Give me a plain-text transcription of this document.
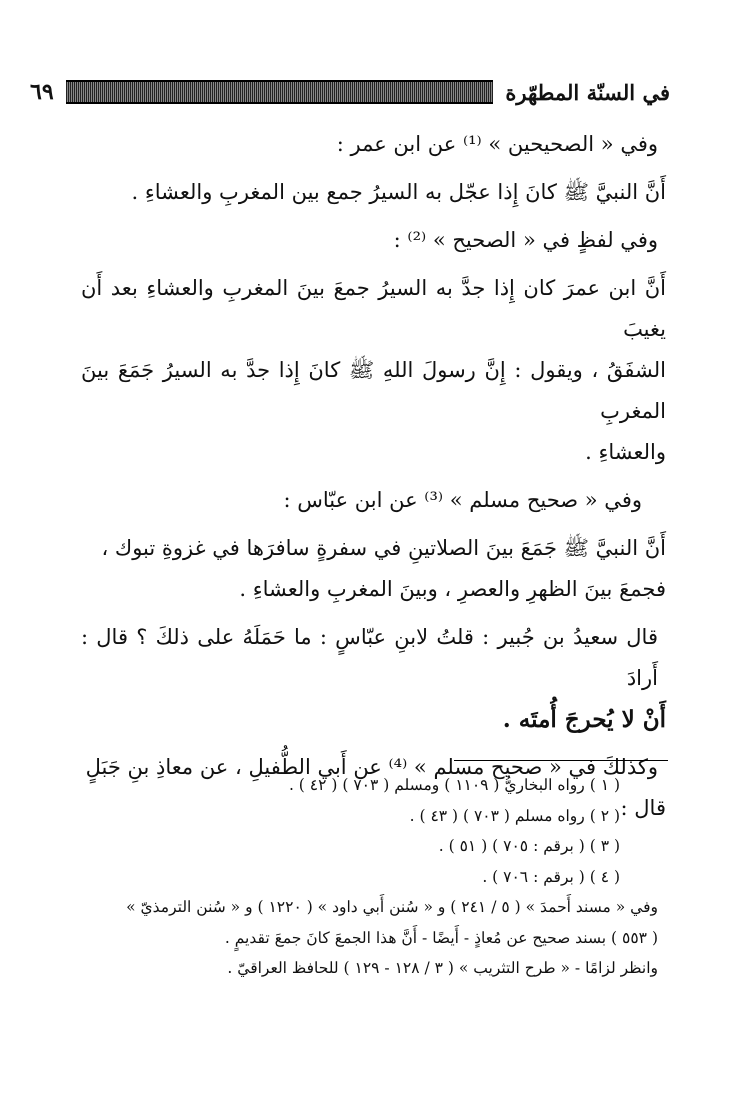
في السنّة المطهّرة
٦٩

وفي « الصحيحين » ⁽¹⁾ عن ابن عمر :

أَنَّ النبيَّ ﷺ كانَ إِذا عجّل به السيرُ جمع بين المغربِ والعشاءِ .

وفي لفظٍ في « الصحيح » ⁽²⁾ :

أَنَّ ابن عمرَ كان إِذا جدَّ به السيرُ جمعَ بينَ المغربِ والعشاءِ بعد أَن يغيبَ

الشفَقُ ، ويقول : إِنَّ رسولَ اللهِ ﷺ كانَ إِذا جدَّ به السيرُ جَمَعَ بينَ المغربِ

والعشاءِ .

وفي « صحيح مسلم » ⁽³⁾ عن ابن عبّاس :

أَنَّ النبيَّ ﷺ جَمَعَ بينَ الصلاتينِ في سفرةٍ سافرَها في غزوةِ تبوك ،

فجمعَ بينَ الظهرِ والعصرِ ، وبينَ المغربِ والعشاءِ .

قال سعيدُ بن جُبير : قلتُ لابنِ عبّاسٍ : ما حَمَلَهُ على ذلكَ ؟ قال : أَرادَ

أَنْ لا يُحرجَ أُمتَه .

وكذلكَ في « صحيح مسلم » ⁽⁴⁾ عن أَبي الطُّفيلِ ، عن معاذِ بنِ جَبَلٍ

قال :

( ١ ) رواه البخاريُّ ( ١١٠٩ ) ومسلم ( ٧٠٣ ) ( ٤٢ ) .

( ٢ ) رواه مسلم ( ٧٠٣ ) ( ٤٣ ) .

( ٣ ) ( برقم : ٧٠٥ ) ( ٥١ ) .

( ٤ ) ( برقم : ٧٠٦ ) .

وفي « مسند أَحمدَ » ( ٥ / ٢٤١ ) و « سُنن أَبي داود » ( ١٢٢٠ ) و « سُنن الترمذيّ »

( ٥٥٣ ) بسند صحيح عن مُعاذٍ - أَيضًا - أَنَّ هذا الجمعَ كانَ جمعَ تقديمٍ .

وانظر لزامًا - « طرح التثريب » ( ٣ / ١٢٨ - ١٢٩ ) للحافظ العراقيّ .
